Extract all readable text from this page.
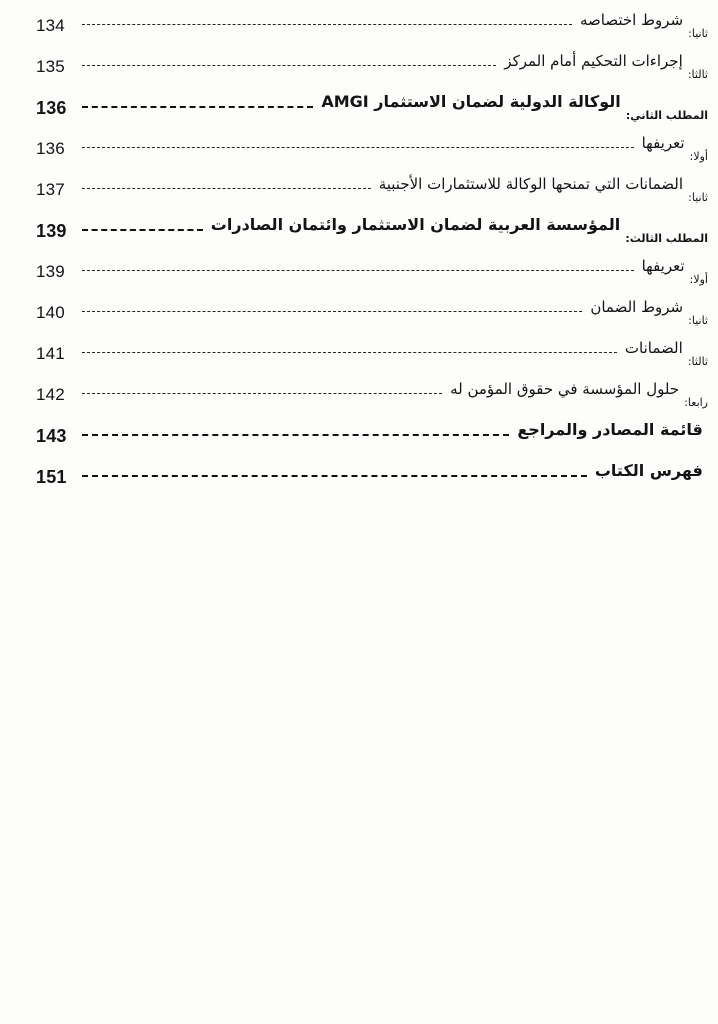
134	ثانيا: شروط اختصاصه
135	ثالثا: إجراءات التحكيم أمام المركز
136	المطلب الثاني: الوكالة الدولية لضمان الاستثمار AMGI
136	أولا: تعريفها
137	ثانيا: الضمانات التي تمنحها الوكالة للاستثمارات الأجنبية
139	المطلب الثالث: المؤسسة العربية لضمان الاستثمار وائتمان الصادرات
139	أولا: تعريفها
140	ثانيا: شروط الضمان
141	ثالثا: الضمانات
142	رابعا: حلول المؤسسة في حقوق المؤمن له
143	قائمة المصادر والمراجع
151	فهرس الكتاب
